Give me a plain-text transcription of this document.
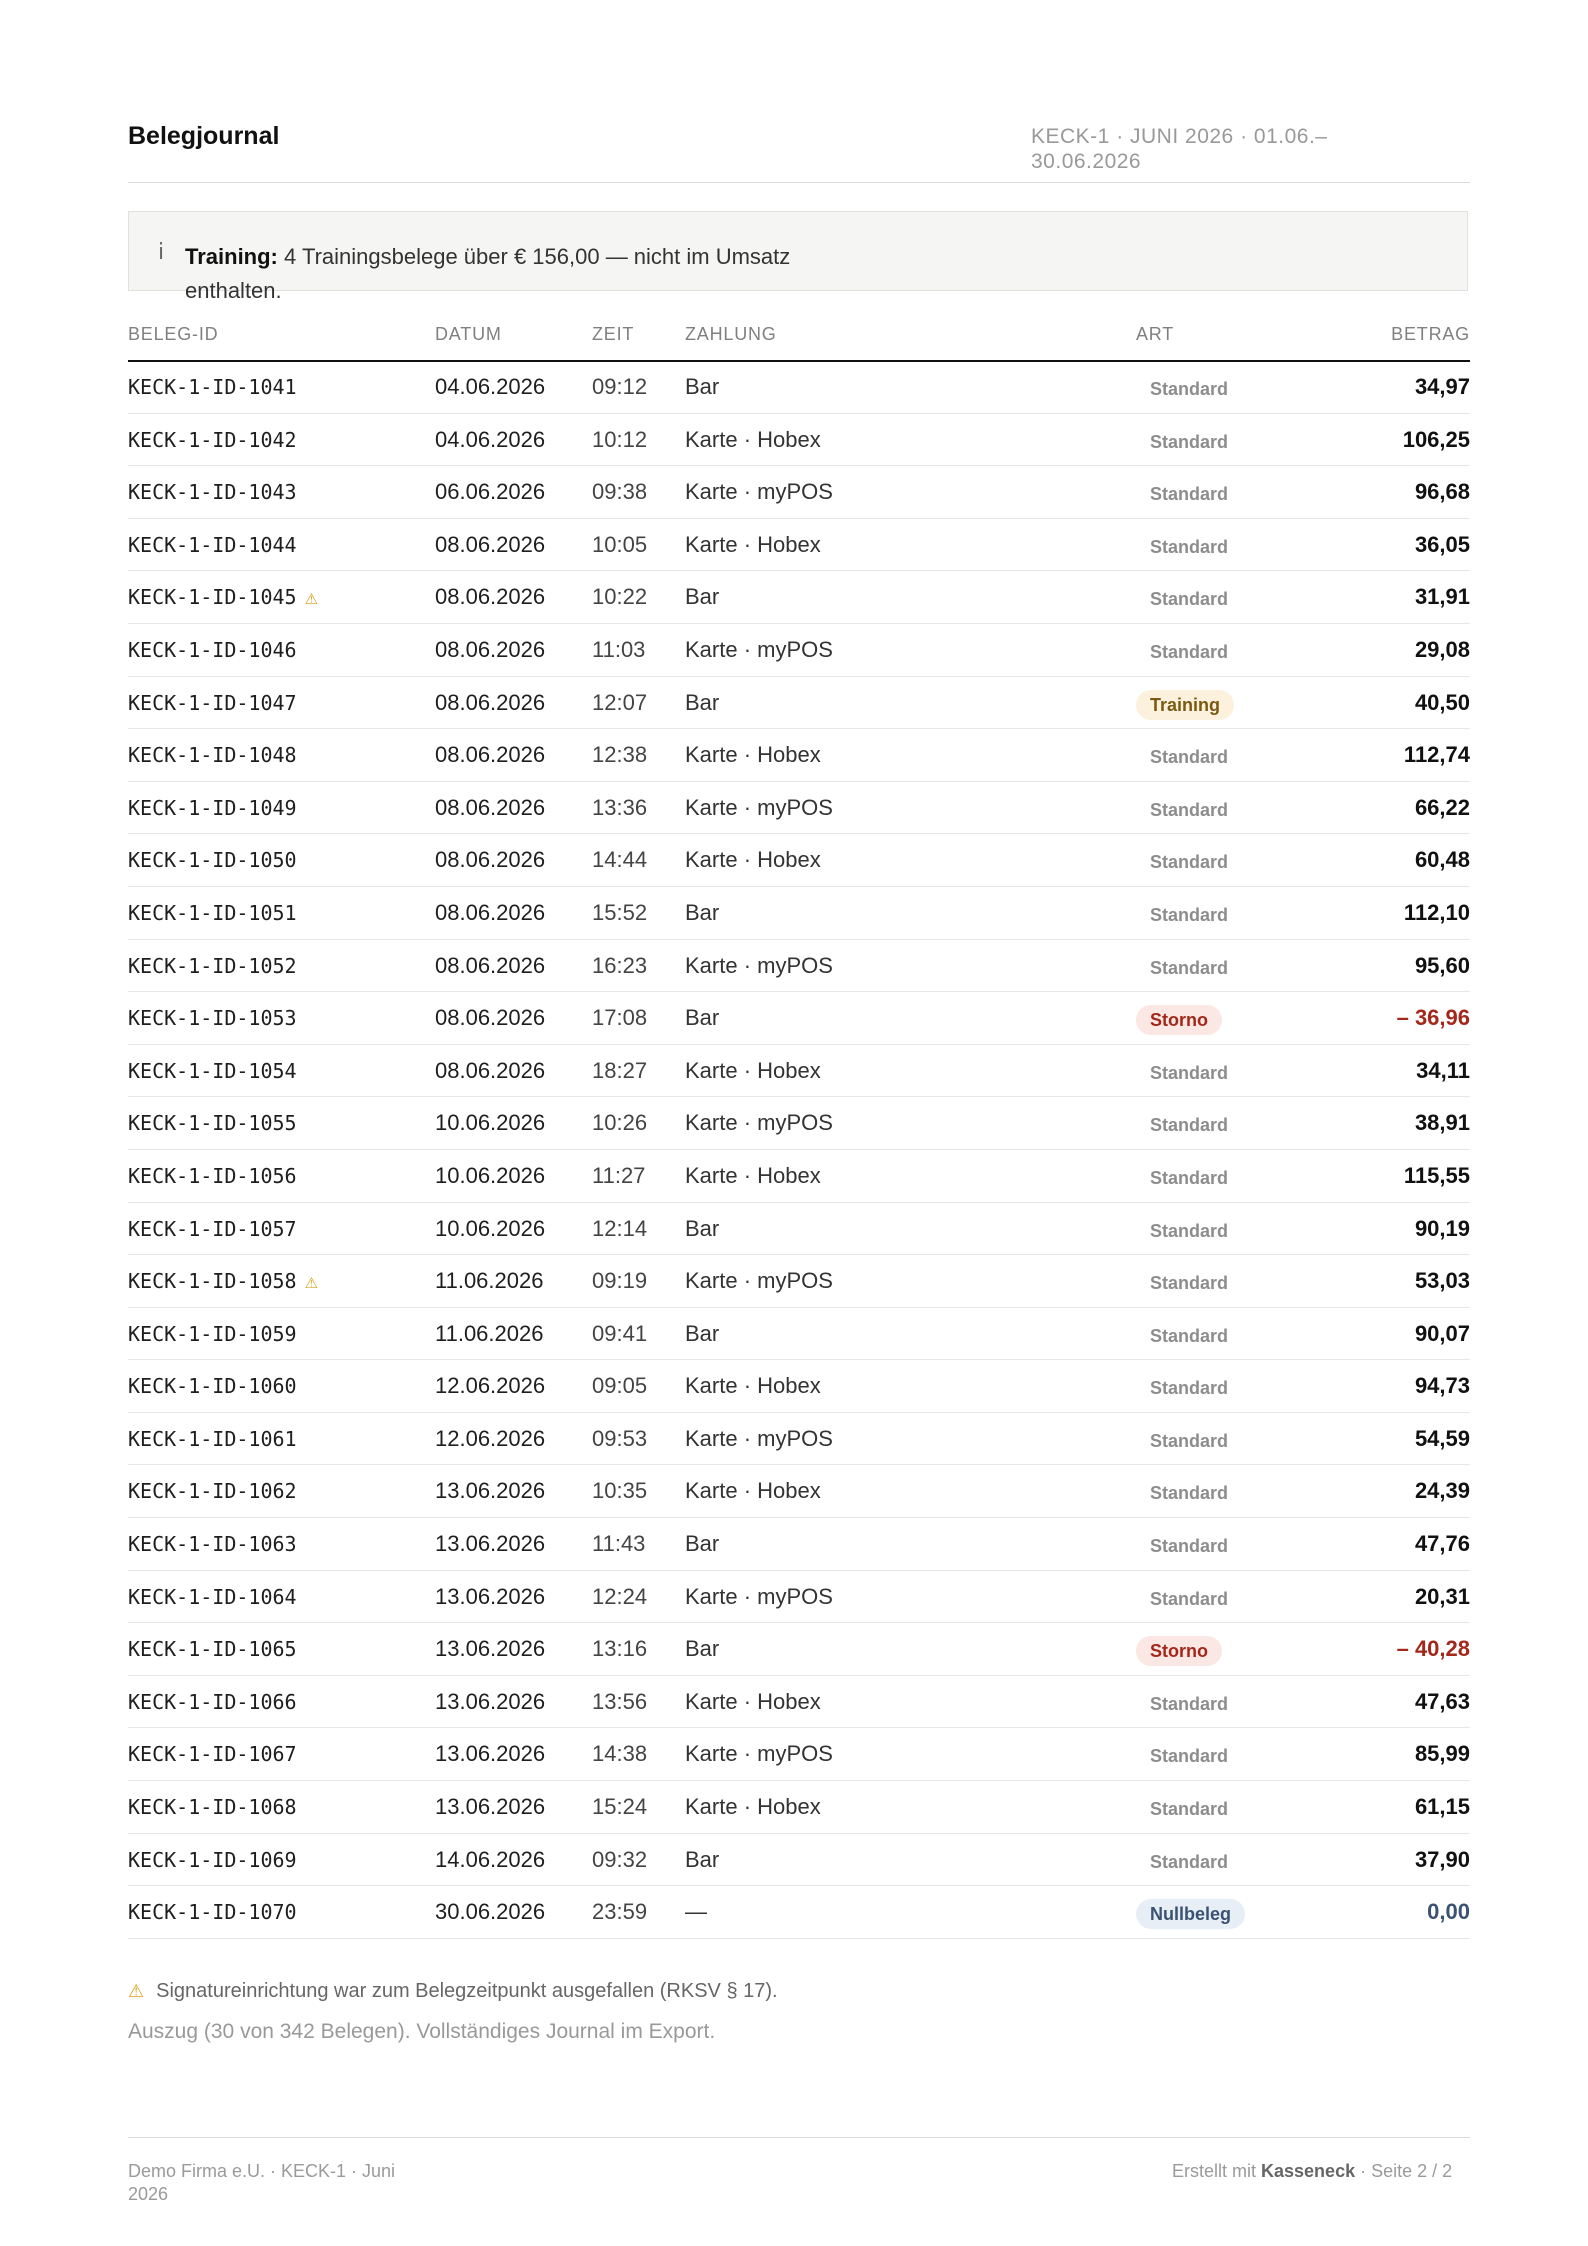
Belegjournal	KECK-1 · JUNI 2026 · 01.06.–30.06.2026
i Training: 4 Trainingsbelege über € 156,00 — nicht im Umsatz enthalten.
BELEG-ID	DATUM	ZEIT	ZAHLUNG	ART	BETRAG
KECK-1-ID-1041	04.06.2026 09:12 Bar	Standard	34,97
KECK-1-ID-1042	04.06.2026 10:12 Karte · Hobex	Standard	106,25
KECK-1-ID-1043	06.06.2026 09:38 Karte · myPOS	Standard	96,68
KECK-1-ID-1044	08.06.2026 10:05 Karte · Hobex	Standard	36,05
KECK-1-ID-1045 ⚠	08.06.2026 10:22 Bar	Standard	31,91
KECK-1-ID-1046	08.06.2026 11:03 Karte · myPOS	Standard	29,08
KECK-1-ID-1047	08.06.2026 12:07 Bar	Training	40,50
KECK-1-ID-1048	08.06.2026 12:38 Karte · Hobex	Standard	112,74
KECK-1-ID-1049	08.06.2026 13:36 Karte · myPOS	Standard	66,22
KECK-1-ID-1050	08.06.2026 14:44 Karte · Hobex	Standard	60,48
KECK-1-ID-1051	08.06.2026 15:52 Bar	Standard	112,10
KECK-1-ID-1052	08.06.2026 16:23 Karte · myPOS	Standard	95,60
KECK-1-ID-1053	08.06.2026 17:08 Bar	Storno	– 36,96
KECK-1-ID-1054	08.06.2026 18:27 Karte · Hobex	Standard	34,11
KECK-1-ID-1055	10.06.2026 10:26 Karte · myPOS	Standard	38,91
KECK-1-ID-1056	10.06.2026 11:27 Karte · Hobex	Standard	115,55
KECK-1-ID-1057	10.06.2026 12:14 Bar	Standard	90,19
KECK-1-ID-1058 ⚠	11.06.2026 09:19 Karte · myPOS	Standard	53,03
KECK-1-ID-1059	11.06.2026 09:41 Bar	Standard	90,07
KECK-1-ID-1060	12.06.2026 09:05 Karte · Hobex	Standard	94,73
KECK-1-ID-1061	12.06.2026 09:53 Karte · myPOS	Standard	54,59
KECK-1-ID-1062	13.06.2026 10:35 Karte · Hobex	Standard	24,39
KECK-1-ID-1063	13.06.2026 11:43 Bar	Standard	47,76
KECK-1-ID-1064	13.06.2026 12:24 Karte · myPOS	Standard	20,31
KECK-1-ID-1065	13.06.2026 13:16 Bar	Storno	– 40,28
KECK-1-ID-1066	13.06.2026 13:56 Karte · Hobex	Standard	47,63
KECK-1-ID-1067	13.06.2026 14:38 Karte · myPOS	Standard	85,99
KECK-1-ID-1068	13.06.2026 15:24 Karte · Hobex	Standard	61,15
KECK-1-ID-1069	14.06.2026 09:32 Bar	Standard	37,90
KECK-1-ID-1070	30.06.2026 23:59 —	Nullbeleg	0,00
⚠ Signatureinrichtung war zum Belegzeitpunkt ausgefallen (RKSV § 17).
Auszug (30 von 342 Belegen). Vollständiges Journal im Export.
Demo Firma e.U. · KECK-1 · Juni 2026
Erstellt mit Kasseneck · Seite 2 / 2
